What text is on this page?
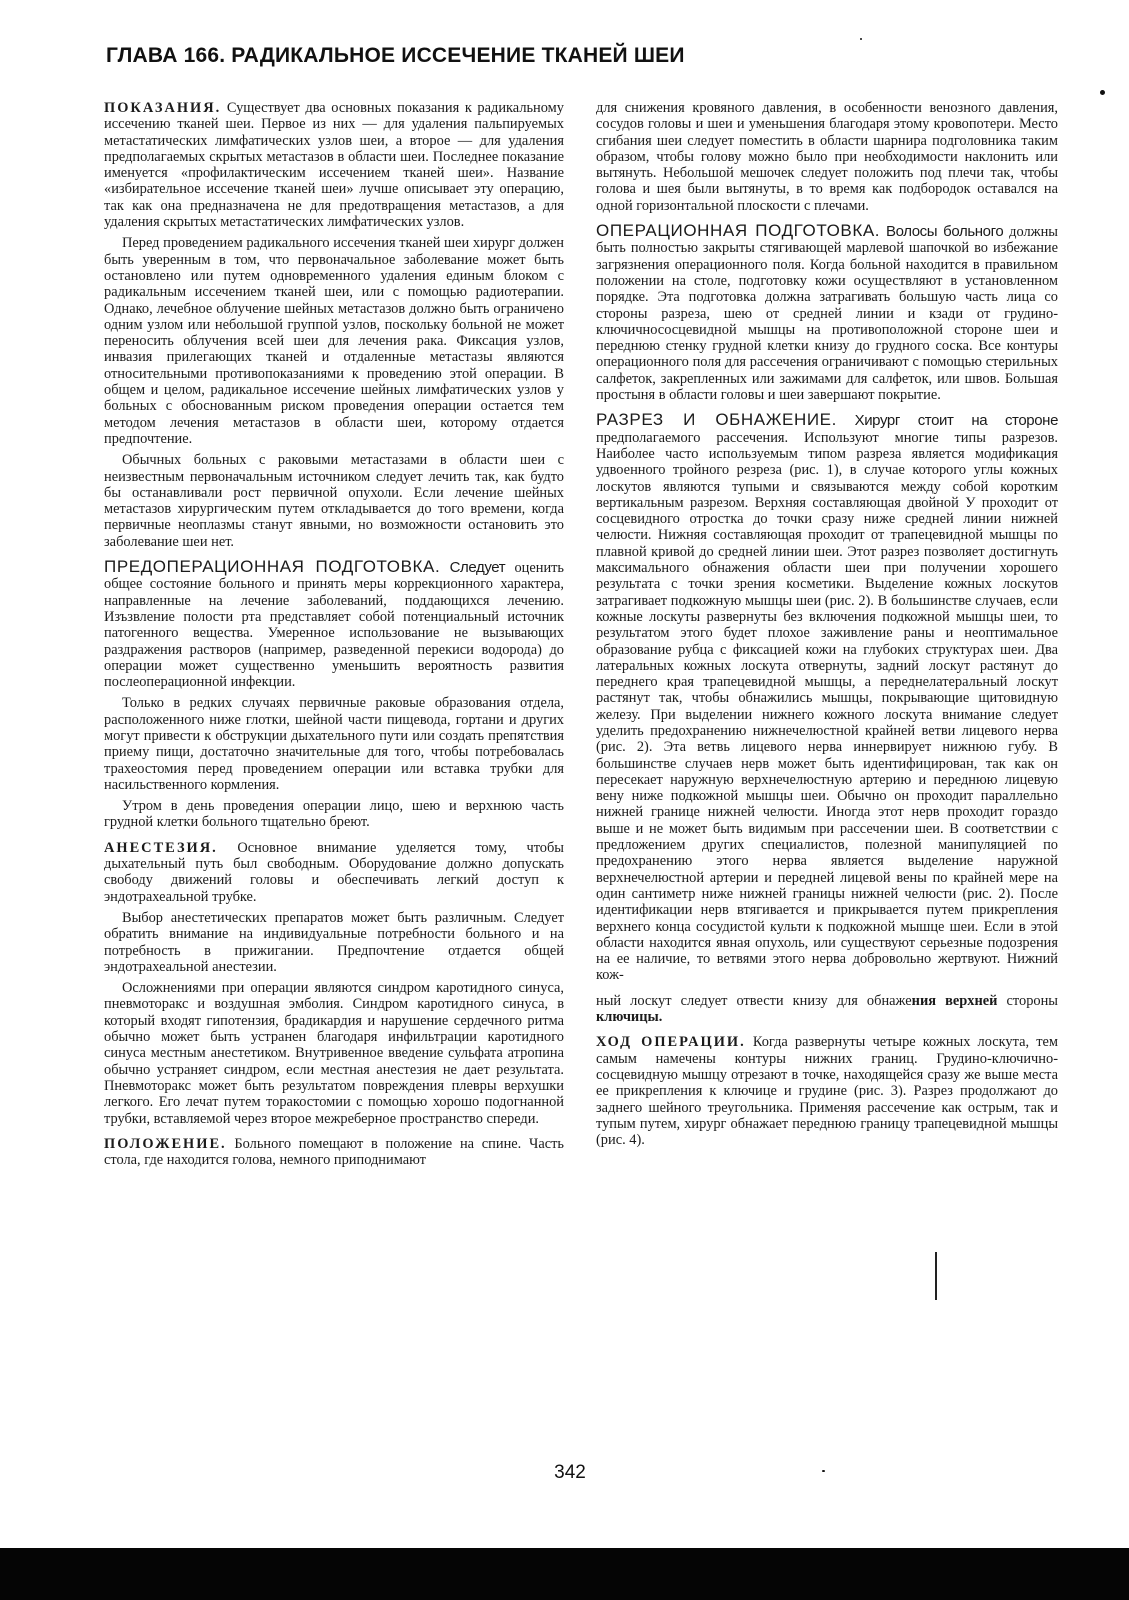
ГЛАВА 166. РАДИКАЛЬНОЕ ИССЕЧЕНИЕ ТКАНЕЙ ШЕИ

ПОКАЗАНИЯ. Существует два основных показания к радикальному иссечению тканей шеи. Первое из них — для удаления пальпируемых метастатических лимфатических узлов шеи, а второе — для удаления предполагаемых скрытых метастазов в области шеи. Последнее показание именуется «профилактическим иссечением тканей шеи». Название «избирательное иссечение тканей шеи» лучше описывает эту операцию, так как она предназначена не для предотвращения метастазов, а для удаления скрытых метастатических лимфатических узлов.

Перед проведением радикального иссечения тканей шеи хирург должен быть уверенным в том, что первоначальное заболевание может быть остановлено или путем одновременного удаления единым блоком с радикальным иссечением тканей шеи, или с помощью радиотерапии. Однако, лечебное облучение шейных метастазов должно быть ограничено одним узлом или небольшой группой узлов, поскольку больной не может переносить облучения всей шеи для лечения рака. Фиксация узлов, инвазия прилегающих тканей и отдаленные метастазы являются относительными противопоказаниями к проведению этой операции. В общем и целом, радикальное иссечение шейных лимфатических узлов у больных с обоснованным риском проведения операции остается тем методом лечения метастазов в области шеи, которому отдается предпочтение.

Обычных больных с раковыми метастазами в области шеи с неизвестным первоначальным источником следует лечить так, как будто бы останавливали рост первичной опухоли. Если лечение шейных метастазов хирургическим путем откладывается до того времени, когда первичные неоплазмы станут явными, но возможности остановить это заболевание шеи нет.

ПРЕДОПЕРАЦИОННАЯ ПОДГОТОВКА. Следует оценить общее состояние больного и принять меры коррекционного характера, направленные на лечение заболеваний, поддающихся лечению. Изъзвление полости рта представляет собой потенциальный источник патогенного вещества. Умеренное использование не вызывающих раздражения растворов (например, разведенной перекиси водорода) до операции может существенно уменьшить вероятность развития послеоперационной инфекции.

Только в редких случаях первичные раковые образования отдела, расположенного ниже глотки, шейной части пищевода, гортани и других могут привести к обструкции дыхательного пути или создать препятствия приему пищи, достаточно значительные для того, чтобы потребовалась трахеостомия перед проведением операции или вставка трубки для насильственного кормления.

Утром в день проведения операции лицо, шею и верхнюю часть грудной клетки больного тщательно бреют.

АНЕСТЕЗИЯ. Основное внимание уделяется тому, чтобы дыхательный путь был свободным. Оборудование должно допускать свободу движений головы и обеспечивать легкий доступ к эндотрахеальной трубке.

Выбор анестетических препаратов может быть различным. Следует обратить внимание на индивидуальные потребности больного и на потребность в прижигании. Предпочтение отдается общей эндотрахеальной анестезии.

Осложнениями при операции являются синдром каротидного синуса, пневмоторакс и воздушная эмболия. Синдром каротидного синуса, в который входят гипотензия, брадикардия и нарушение сердечного ритма обычно может быть устранен благодаря инфильтрации каротидного синуса местным анестетиком. Внутривенное введение сульфата атропина обычно устраняет синдром, если местная анестезия не дает результата. Пневмоторакс может быть результатом повреждения плевры верхушки легкого. Его лечат путем торакостомии с помощью хорошо подогнанной трубки, вставляемой через второе межреберное пространство спереди.

ПОЛОЖЕНИЕ. Больного помещают в положение на спине. Часть стола, где находится голова, немного приподнимают

для снижения кровяного давления, в особенности венозного давления, сосудов головы и шеи и уменьшения благодаря этому кровопотери. Место сгибания шеи следует поместить в области шарнира подголовника таким образом, чтобы голову можно было при необходимости наклонить или вытянуть. Небольшой мешочек следует положить под плечи так, чтобы голова и шея были вытянуты, в то время как подбородок оставался на одной горизонтальной плоскости с плечами.

ОПЕРАЦИОННАЯ ПОДГОТОВКА. Волосы больного должны быть полностью закрыты стягивающей марлевой шапочкой во избежание загрязнения операционного поля. Когда больной находится в правильном положении на столе, подготовку кожи осуществляют в установленном порядке. Эта подготовка должна затрагивать большую часть лица со стороны разреза, шею от средней линии и кзади от грудино-ключичнососцевидной мышцы на противоположной стороне шеи и переднюю стенку грудной клетки книзу до грудного соска. Все контуры операционного поля для рассечения ограничивают с помощью стерильных салфеток, закрепленных или зажимами для салфеток, или швов. Большая простыня в области головы и шеи завершают покрытие.

РАЗРЕЗ И ОБНАЖЕНИЕ. Хирург стоит на стороне предполагаемого рассечения. Используют многие типы разрезов. Наиболее часто используемым типом разреза является модификация удвоенного тройного резреза (рис. 1), в случае которого углы кожных лоскутов являются тупыми и связываются между собой коротким вертикальным разрезом. Верхняя составляющая двойной У проходит от сосцевидного отростка до точки сразу ниже средней линии нижней челюсти. Нижняя составляющая проходит от трапецевидной мышцы по плавной кривой до средней линии шеи. Этот разрез позволяет достигнуть максимального обнажения области шеи при получении хорошего результата с точки зрения косметики. Выделение кожных лоскутов затрагивает подкожную мышцы шеи (рис. 2). В большинстве случаев, если кожные лоскуты развернуты без включения подкожной мышцы шеи, то результатом этого будет плохое заживление раны и неоптимальное образование рубца с фиксацией кожи на глубоких структурах шеи. Два латеральных кожных лоскута отвернуты, задний лоскут растянут до переднего края трапецевидной мышцы, а переднелатеральный лоскут растянут так, чтобы обнажились мышцы, покрывающие щитовидную железу. При выделении нижнего кожного лоскута внимание следует уделить предохранению нижнечелюстной крайней ветви лицевого нерва (рис. 2). Эта ветвь лицевого нерва иннервирует нижнюю губу. В большинстве случаев нерв может быть идентифицирован, так как он пересекает наружную верхнечелюстную артерию и переднюю лицевую вену ниже подкожной мышцы шеи. Обычно он проходит параллельно нижней границе нижней челюсти. Иногда этот нерв проходит гораздо выше и не может быть видимым при рассечении шеи. В соответствии с предложением других специалистов, полезной манипуляцией по предохранению этого нерва является выделение наружной верхнечелюстной артерии и передней лицевой вены по крайней мере на один сантиметр ниже нижней границы нижней челюсти (рис. 2). После идентификации нерв втягивается и прикрывается путем прикрепления верхнего конца сосудистой культи к подкожной мышце шеи. Если в этой области находится явная опухоль, или существуют серьезные подозрения на ее наличие, то ветвями этого нерва добровольно жертвуют. Нижний кож-

ный лоскут следует отвести книзу для обнажения верхней стороны ключицы.

ХОД ОПЕРАЦИИ. Когда развернуты четыре кожных лоскута, тем самым намечены контуры нижних границ. Грудино-ключично-сосцевидную мышцу отрезают в точке, находящейся сразу же выше места ее прикрепления к ключице и грудине (рис. 3). Разрез продолжают до заднего шейного треугольника. Применяя рассечение как острым, так и тупым путем, хирург обнажает переднюю границу трапецевидной мышцы (рис. 4).

342
